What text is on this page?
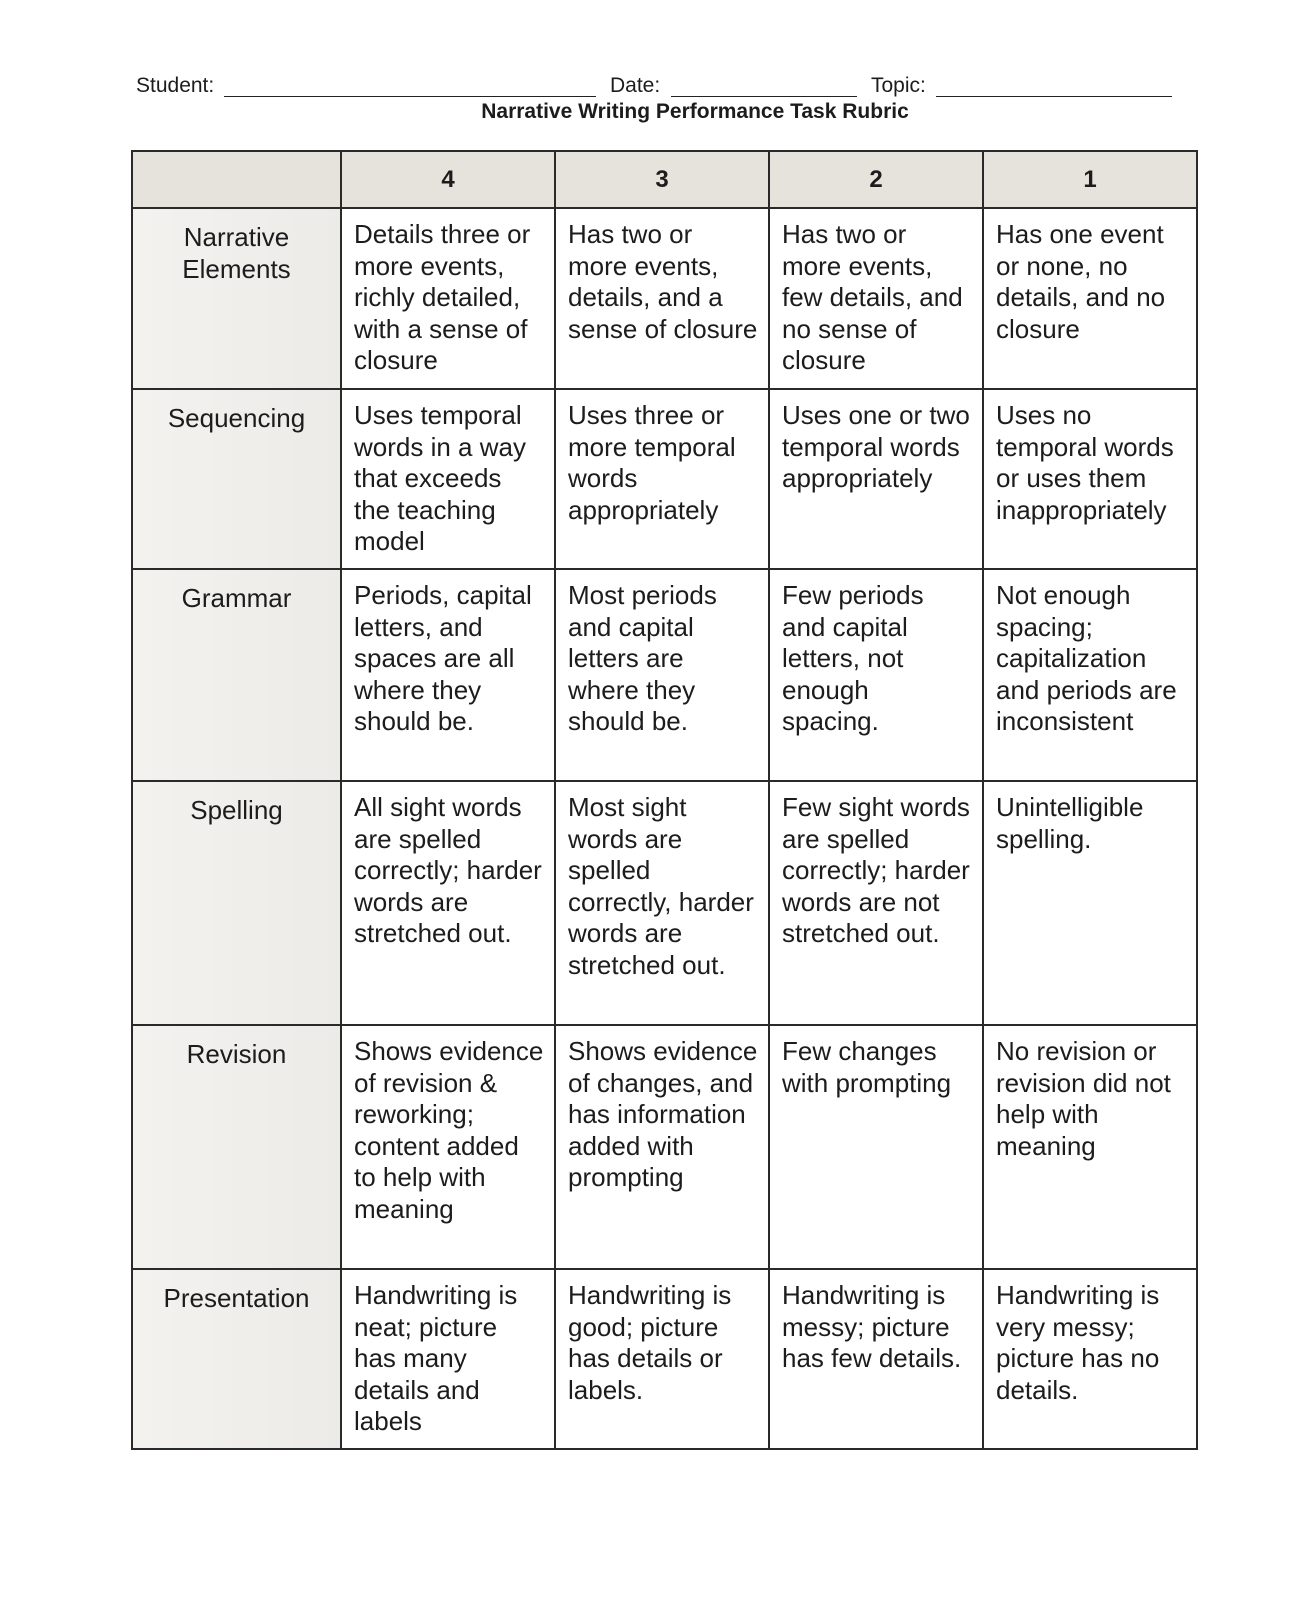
Student:	Date:	Topic:
Narrative Writing Performance Task Rubric
	4	3	2	1
Narrative Elements	Details three or more events, richly detailed, with a sense of closure	Has two or more events, details, and a sense of closure	Has two or more events, few details, and no sense of closure	Has one event or none, no details, and no closure
Sequencing	Uses temporal words in a way that exceeds the teaching model	Uses three or more temporal words appropriately	Uses one or two temporal words appropriately	Uses no temporal words or uses them inappropriately
Grammar	Periods, capital letters, and spaces are all where they should be.	Most periods and capital letters are where they should be.	Few periods and capital letters, not enough spacing.	Not enough spacing; capitalization and periods are inconsistent
Spelling	All sight words are spelled correctly; harder words are stretched out.	Most sight words are spelled correctly, harder words are stretched out.	Few sight words are spelled correctly; harder words are not stretched out.	Unintelligible spelling.
Revision	Shows evidence of revision & reworking; content added to help with meaning	Shows evidence of changes, and has information added with prompting	Few changes with prompting	No revision or revision did not help with meaning
Presentation	Handwriting is neat; picture has many details and labels	Handwriting is good; picture has details or labels.	Handwriting is messy; picture has few details.	Handwriting is very messy; picture has no details.
